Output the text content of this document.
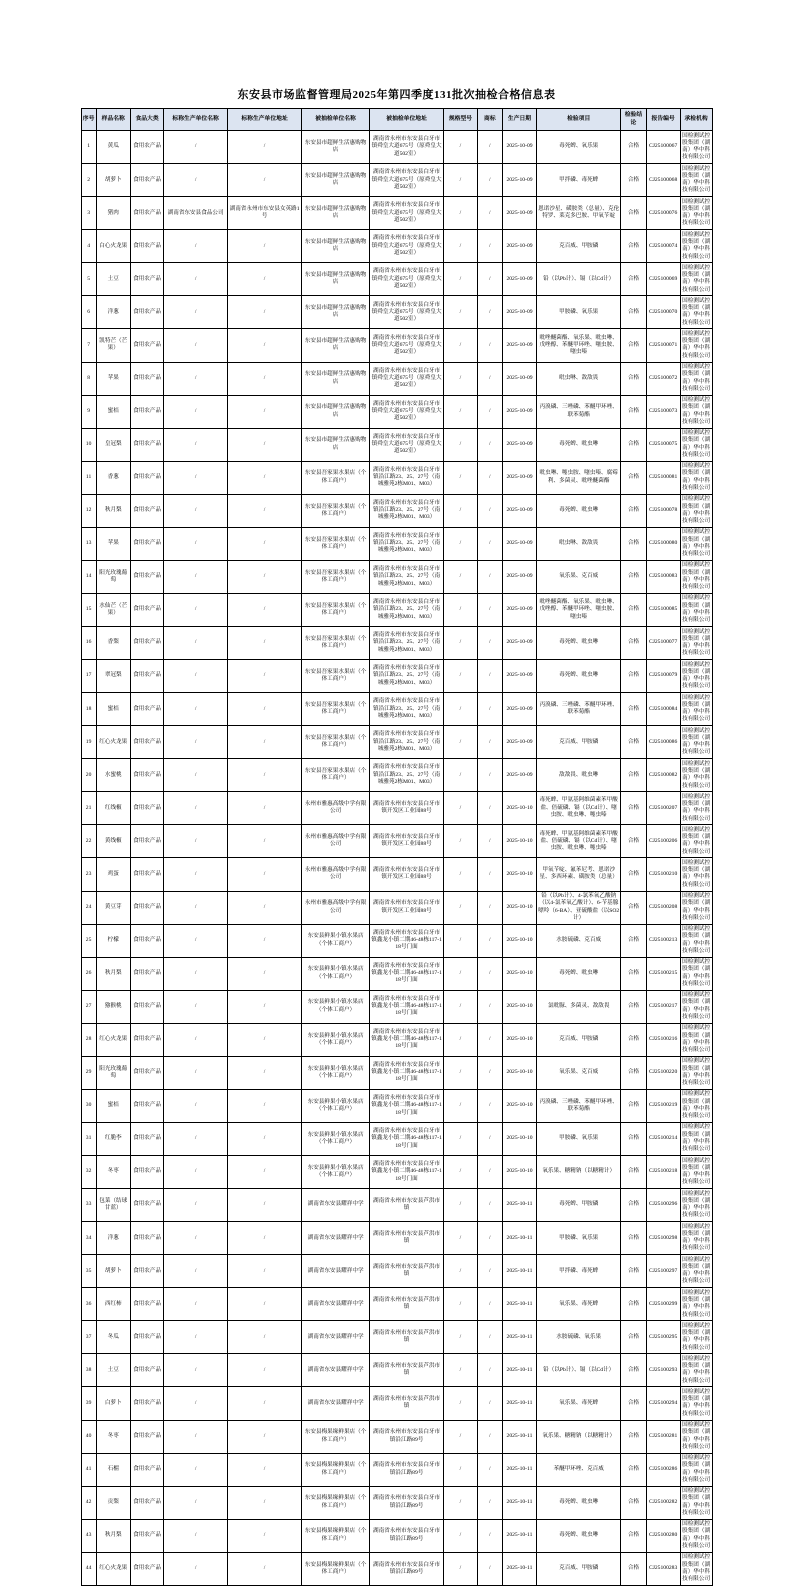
东安县市场监督管理局2025年第四季度131批次抽检合格信息表
序号	样品名称	食品大类	标称生产单位名称	标称生产单位地址	被抽检单位名称	被抽检单位地址	规格型号	商标	生产日期	检验项目	检验结论	报告编号	承检机构
1	黄瓜	食用农产品	/	/	东安县市超鲜生活惠购物店	湖南省永州市东安县白牙市镇舜皇大道675号（原舜皇大道502室）	/	/	2025-10-09	毒死蜱、氧乐果	合格	CJ25100067	国检测试控股集团（湖南）华中科技有限公司
2	胡萝卜	食用农产品	/	/	东安县市超鲜生活惠购物店	湖南省永州市东安县白牙市镇舜皇大道675号（原舜皇大道502室）	/	/	2025-10-09	甲拌磷、毒死蜱	合格	CJ25100068	国检测试控股集团（湖南）华中科技有限公司
3	猪肉	食用农产品	湖南省东安县食品公司	湖南省永州市东安县女英路1号	东安县市超鲜生活惠购物店	湖南省永州市东安县白牙市镇舜皇大道675号（原舜皇大道502室）	/	/	2025-10-09	恩诺沙星、磺胺类（总量）、克伦特罗、莱克多巴胺、甲氧苄啶	合格	CJ25100076	国检测试控股集团（湖南）华中科技有限公司
4	白心火龙果	食用农产品	/	/	东安县市超鲜生活惠购物店	湖南省永州市东安县白牙市镇舜皇大道675号（原舜皇大道502室）	/	/	2025-10-09	克百威、甲胺磷	合格	CJ25100074	国检测试控股集团（湖南）华中科技有限公司
5	土豆	食用农产品	/	/	东安县市超鲜生活惠购物店	湖南省永州市东安县白牙市镇舜皇大道675号（原舜皇大道502室）	/	/	2025-10-09	铅（以Pb计）、镉（以Cd计）	合格	CJ25100069	国检测试控股集团（湖南）华中科技有限公司
6	洋葱	食用农产品	/	/	东安县市超鲜生活惠购物店	湖南省永州市东安县白牙市镇舜皇大道675号（原舜皇大道502室）	/	/	2025-10-09	甲胺磷、氧乐果	合格	CJ25100070	国检测试控股集团（湖南）华中科技有限公司
7	凯特芒（芒果）	食用农产品	/	/	东安县市超鲜生活惠购物店	湖南省永州市东安县白牙市镇舜皇大道675号（原舜皇大道502室）	/	/	2025-10-09	吡唑醚菌酯、氧乐果、吡虫啉、戊唑醇、苯醚甲环唑、噻虫胺、噻虫嗪	合格	CJ25100071	国检测试控股集团（湖南）华中科技有限公司
8	苹果	食用农产品	/	/	东安县市超鲜生活惠购物店	湖南省永州市东安县白牙市镇舜皇大道675号（原舜皇大道502室）	/	/	2025-10-09	吡虫啉、敌敌畏	合格	CJ25100072	国检测试控股集团（湖南）华中科技有限公司
9	蜜桔	食用农产品	/	/	东安县市超鲜生活惠购物店	湖南省永州市东安县白牙市镇舜皇大道675号（原舜皇大道502室）	/	/	2025-10-09	丙溴磷、三唑磷、苯醚甲环唑、联苯菊酯	合格	CJ25100073	国检测试控股集团（湖南）华中科技有限公司
10	皇冠梨	食用农产品	/	/	东安县市超鲜生活惠购物店	湖南省永州市东安县白牙市镇舜皇大道675号（原舜皇大道502室）	/	/	2025-10-09	毒死蜱、吡虫啉	合格	CJ25100075	国检测试控股集团（湖南）华中科技有限公司
11	香葱	食用农产品	/	/	东安县吾家果水果店（个体工商户）	湖南省永州市东安县白牙市镇沿江路23、25、27号（南城雅苑2栋M01、M03）	/	/	2025-10-09	吡虫啉、噻虫胺、噻虫嗪、腐霉利、多菌灵、吡唑醚菌酯	合格	CJ25100081	国检测试控股集团（湖南）华中科技有限公司
12	秋月梨	食用农产品	/	/	东安县吾家果水果店（个体工商户）	湖南省永州市东安县白牙市镇沿江路23、25、27号（南城雅苑2栋M01、M03）	/	/	2025-10-09	毒死蜱、吡虫啉	合格	CJ25100078	国检测试控股集团（湖南）华中科技有限公司
13	苹果	食用农产品	/	/	东安县吾家果水果店（个体工商户）	湖南省永州市东安县白牙市镇沿江路23、25、27号（南城雅苑2栋M01、M03）	/	/	2025-10-09	吡虫啉、敌敌畏	合格	CJ25100080	国检测试控股集团（湖南）华中科技有限公司
14	阳光玫瑰葡萄	食用农产品	/	/	东安县吾家果水果店（个体工商户）	湖南省永州市东安县白牙市镇沿江路23、25、27号（南城雅苑2栋M01、M03）	/	/	2025-10-09	氧乐果、克百威	合格	CJ25100083	国检测试控股集团（湖南）华中科技有限公司
15	水仙芒（芒果）	食用农产品	/	/	东安县吾家果水果店（个体工商户）	湖南省永州市东安县白牙市镇沿江路23、25、27号（南城雅苑2栋M01、M03）	/	/	2025-10-09	吡唑醚菌酯、氧乐果、吡虫啉、戊唑醇、苯醚甲环唑、噻虫胺、噻虫嗪	合格	CJ25100085	国检测试控股集团（湖南）华中科技有限公司
16	香梨	食用农产品	/	/	东安县吾家果水果店（个体工商户）	湖南省永州市东安县白牙市镇沿江路23、25、27号（南城雅苑2栋M01、M03）	/	/	2025-10-09	毒死蜱、吡虫啉	合格	CJ25100077	国检测试控股集团（湖南）华中科技有限公司
17	翠冠梨	食用农产品	/	/	东安县吾家果水果店（个体工商户）	湖南省永州市东安县白牙市镇沿江路23、25、27号（南城雅苑2栋M01、M03）	/	/	2025-10-09	毒死蜱、吡虫啉	合格	CJ25100079	国检测试控股集团（湖南）华中科技有限公司
18	蜜桔	食用农产品	/	/	东安县吾家果水果店（个体工商户）	湖南省永州市东安县白牙市镇沿江路23、25、27号（南城雅苑2栋M01、M03）	/	/	2025-10-09	丙溴磷、三唑磷、苯醚甲环唑、联苯菊酯	合格	CJ25100084	国检测试控股集团（湖南）华中科技有限公司
19	红心火龙果	食用农产品	/	/	东安县吾家果水果店（个体工商户）	湖南省永州市东安县白牙市镇沿江路23、25、27号（南城雅苑2栋M01、M03）	/	/	2025-10-09	克百威、甲胺磷	合格	CJ25100086	国检测试控股集团（湖南）华中科技有限公司
20	水蜜桃	食用农产品	/	/	东安县吾家果水果店（个体工商户）	湖南省永州市东安县白牙市镇沿江路23、25、27号（南城雅苑2栋M01、M03）	/	/	2025-10-09	敌敌畏、吡虫啉	合格	CJ25100082	国检测试控股集团（湖南）华中科技有限公司
21	红线椒	食用农产品	/	/	永州市雅惠高级中学有限公司	湖南省永州市东安县白牙市镇开发区工业园88号	/	/	2025-10-10	毒死蜱、甲氨基阿维菌素苯甲酸盐、倍硫磷、镉（以Cd计）、噻虫胺、吡虫啉、噻虫嗪	合格	CJ25100207	国检测试控股集团（湖南）华中科技有限公司
22	黄线椒	食用农产品	/	/	永州市雅惠高级中学有限公司	湖南省永州市东安县白牙市镇开发区工业园88号	/	/	2025-10-10	毒死蜱、甲氨基阿维菌素苯甲酸盐、倍硫磷、镉（以Cd计）、噻虫胺、吡虫啉、噻虫嗪	合格	CJ25100206	国检测试控股集团（湖南）华中科技有限公司
23	鸡蛋	食用农产品	/	/	永州市雅惠高级中学有限公司	湖南省永州市东安县白牙市镇开发区工业园88号	/	/	2025-10-10	甲氧苄啶、氟苯尼考、恩诺沙星、多西环素、磺胺类（总量）	合格	CJ25100210	国检测试控股集团（湖南）华中科技有限公司
24	黄豆芽	食用农产品	/	/	永州市雅惠高级中学有限公司	湖南省永州市东安县白牙市镇开发区工业园88号	/	/	2025-10-10	铅（以Pb计）、4-氯苯氧乙酸钠（以4-氯苯氧乙酸计）、6-苄基腺嘌呤（6-BA）、亚硫酸盐（以SO2计）	合格	CJ25100208	国检测试控股集团（湖南）华中科技有限公司
25	柠檬	食用农产品	/	/	东安县鲜果小镇水果店（个体工商户）	湖南省永州市东安县白牙市镇鑫龙小镇二期46-48栋117-118号门面	/	/	2025-10-10	水胺硫磷、克百威	合格	CJ25100213	国检测试控股集团（湖南）华中科技有限公司
26	秋月梨	食用农产品	/	/	东安县鲜果小镇水果店（个体工商户）	湖南省永州市东安县白牙市镇鑫龙小镇二期46-48栋117-118号门面	/	/	2025-10-10	毒死蜱、吡虫啉	合格	CJ25100215	国检测试控股集团（湖南）华中科技有限公司
27	猕猴桃	食用农产品	/	/	东安县鲜果小镇水果店（个体工商户）	湖南省永州市东安县白牙市镇鑫龙小镇二期46-48栋117-118号门面	/	/	2025-10-10	氯吡脲、多菌灵、敌敌畏	合格	CJ25100217	国检测试控股集团（湖南）华中科技有限公司
28	红心火龙果	食用农产品	/	/	东安县鲜果小镇水果店（个体工商户）	湖南省永州市东安县白牙市镇鑫龙小镇二期46-48栋117-118号门面	/	/	2025-10-10	克百威、甲胺磷	合格	CJ25100216	国检测试控股集团（湖南）华中科技有限公司
29	阳光玫瑰葡萄	食用农产品	/	/	东安县鲜果小镇水果店（个体工商户）	湖南省永州市东安县白牙市镇鑫龙小镇二期46-48栋117-118号门面	/	/	2025-10-10	氧乐果、克百威	合格	CJ25100220	国检测试控股集团（湖南）华中科技有限公司
30	蜜桔	食用农产品	/	/	东安县鲜果小镇水果店（个体工商户）	湖南省永州市东安县白牙市镇鑫龙小镇二期46-48栋117-118号门面	/	/	2025-10-10	丙溴磷、三唑磷、苯醚甲环唑、联苯菊酯	合格	CJ25100219	国检测试控股集团（湖南）华中科技有限公司
31	红脆李	食用农产品	/	/	东安县鲜果小镇水果店（个体工商户）	湖南省永州市东安县白牙市镇鑫龙小镇二期46-48栋117-118号门面	/	/	2025-10-10	甲胺磷、氧乐果	合格	CJ25100214	国检测试控股集团（湖南）华中科技有限公司
32	冬枣	食用农产品	/	/	东安县鲜果小镇水果店（个体工商户）	湖南省永州市东安县白牙市镇鑫龙小镇二期46-48栋117-118号门面	/	/	2025-10-10	氧乐果、糖精钠（以糖精计）	合格	CJ25100218	国检测试控股集团（湖南）华中科技有限公司
33	包菜（结球甘蓝）	食用农产品	/	/	湖南省东安县耀祥中学	湖南省永州市东安县芦洪市镇	/	/	2025-10-11	毒死蜱、甲胺磷	合格	CJ25100296	国检测试控股集团（湖南）华中科技有限公司
34	洋葱	食用农产品	/	/	湖南省东安县耀祥中学	湖南省永州市东安县芦洪市镇	/	/	2025-10-11	甲胺磷、氧乐果	合格	CJ25100298	国检测试控股集团（湖南）华中科技有限公司
35	胡萝卜	食用农产品	/	/	湖南省东安县耀祥中学	湖南省永州市东安县芦洪市镇	/	/	2025-10-11	甲拌磷、毒死蜱	合格	CJ25100297	国检测试控股集团（湖南）华中科技有限公司
36	西红柿	食用农产品	/	/	湖南省东安县耀祥中学	湖南省永州市东安县芦洪市镇	/	/	2025-10-11	氧乐果、毒死蜱	合格	CJ25100299	国检测试控股集团（湖南）华中科技有限公司
37	冬瓜	食用农产品	/	/	湖南省东安县耀祥中学	湖南省永州市东安县芦洪市镇	/	/	2025-10-11	水胺硫磷、氧乐果	合格	CJ25100295	国检测试控股集团（湖南）华中科技有限公司
38	土豆	食用农产品	/	/	湖南省东安县耀祥中学	湖南省永州市东安县芦洪市镇	/	/	2025-10-11	铅（以Pb计）、镉（以Cd计）	合格	CJ25100293	国检测试控股集团（湖南）华中科技有限公司
39	白萝卜	食用农产品	/	/	湖南省东安县耀祥中学	湖南省永州市东安县芦洪市镇	/	/	2025-10-11	氧乐果、毒死蜱	合格	CJ25100294	国检测试控股集团（湖南）华中科技有限公司
40	冬枣	食用农产品	/	/	东安县梅果缘鲜果店（个体工商户）	湖南省永州市东安县白牙市镇沿江路89号	/	/	2025-10-11	氧乐果、糖精钠（以糖精计）	合格	CJ25100281	国检测试控股集团（湖南）华中科技有限公司
41	石榴	食用农产品	/	/	东安县梅果缘鲜果店（个体工商户）	湖南省永州市东安县白牙市镇沿江路89号	/	/	2025-10-11	苯醚甲环唑、克百威	合格	CJ25100286	国检测试控股集团（湖南）华中科技有限公司
42	贡梨	食用农产品	/	/	东安县梅果缘鲜果店（个体工商户）	湖南省永州市东安县白牙市镇沿江路89号	/	/	2025-10-11	毒死蜱、吡虫啉	合格	CJ25100282	国检测试控股集团（湖南）华中科技有限公司
43	秋月梨	食用农产品	/	/	东安县梅果缘鲜果店（个体工商户）	湖南省永州市东安县白牙市镇沿江路89号	/	/	2025-10-11	毒死蜱、吡虫啉	合格	CJ25100280	国检测试控股集团（湖南）华中科技有限公司
44	红心火龙果	食用农产品	/	/	东安县梅果缘鲜果店（个体工商户）	湖南省永州市东安县白牙市镇沿江路89号	/	/	2025-10-11	克百威、甲胺磷	合格	CJ25100283	国检测试控股集团（湖南）华中科技有限公司
